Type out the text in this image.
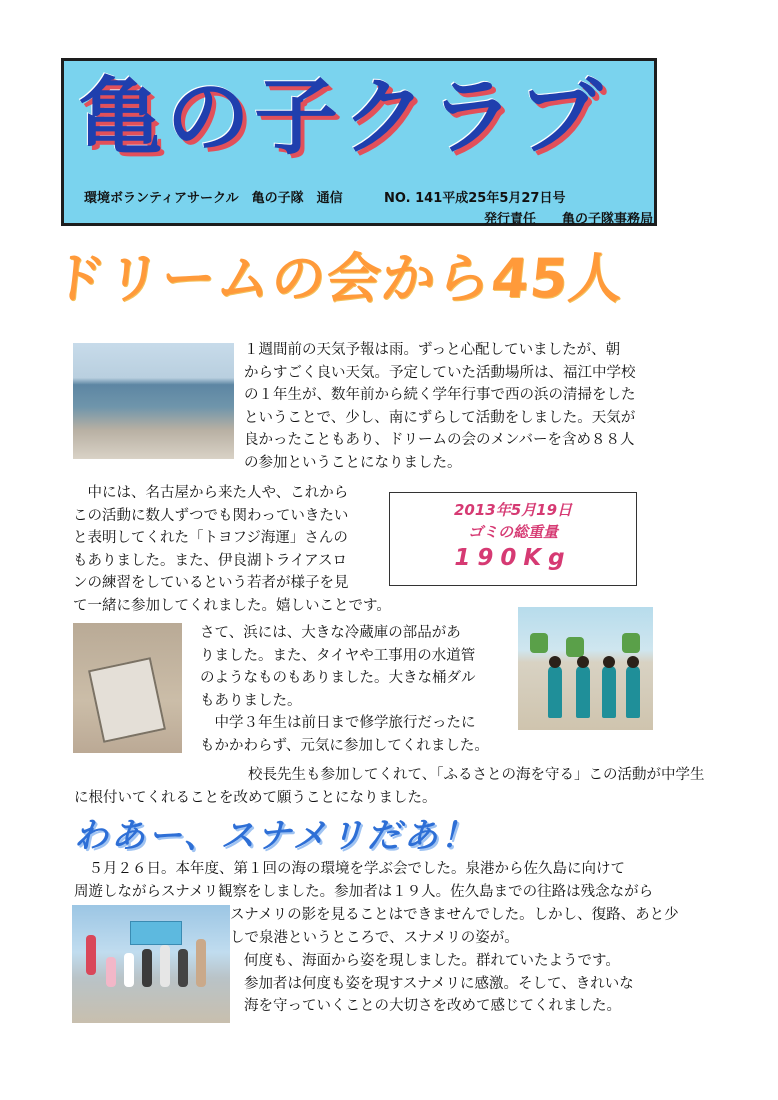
亀の子クラブ
環境ボランティアサークル　亀の子隊　通信	NO. 141平成25年5月27日号
発行責任　　亀の子隊事務局
ドリームの会から45人

１週間前の天気予報は雨。ずっと心配していましたが、朝

からすごく良い天気。予定していた活動場所は、福江中学校

の１年生が、数年前から続く学年行事で西の浜の清掃をした

ということで、少し、南にずらして活動をしました。天気が

良かったこともあり、ドリームの会のメンバーを含め８８人

の参加ということになりました。

　中には、名古屋から来た人や、これから

この活動に数人ずつでも関わっていきたい

と表明してくれた「トヨフジ海運」さんの

もありました。また、伊良湖トライアスロ

ンの練習をしているという若者が様子を見

て一緒に参加してくれました。嬉しいことです。

2013年5月19日
ゴミの総重量
190Kg

さて、浜には、大きな冷蔵庫の部品があ

りました。また、タイヤや工事用の水道管

のようなものもありました。大きな桶ダル

もありました。

　中学３年生は前日まで修学旅行だったに

もかかわらず、元気に参加してくれました。

　　　　　　　　　　　　校長先生も参加してくれて、「ふるさとの海を守る」この活動が中学生

に根付いてくれることを改めて願うことになりました。

わあー、スナメリだあ！

　５月２６日。本年度、第１回の海の環境を学ぶ会でした。泉港から佐久島に向けて

周遊しながらスナメリ観察をしました。参加者は１９人。佐久島までの往路は残念ながら

スナメリの影を見ることはできませんでした。しかし、復路、あと少

しで泉港というところで、スナメリの姿が。

何度も、海面から姿を現しました。群れていたようです。

参加者は何度も姿を現すスナメリに感激。そして、きれいな

海を守っていくことの大切さを改めて感じてくれました。
